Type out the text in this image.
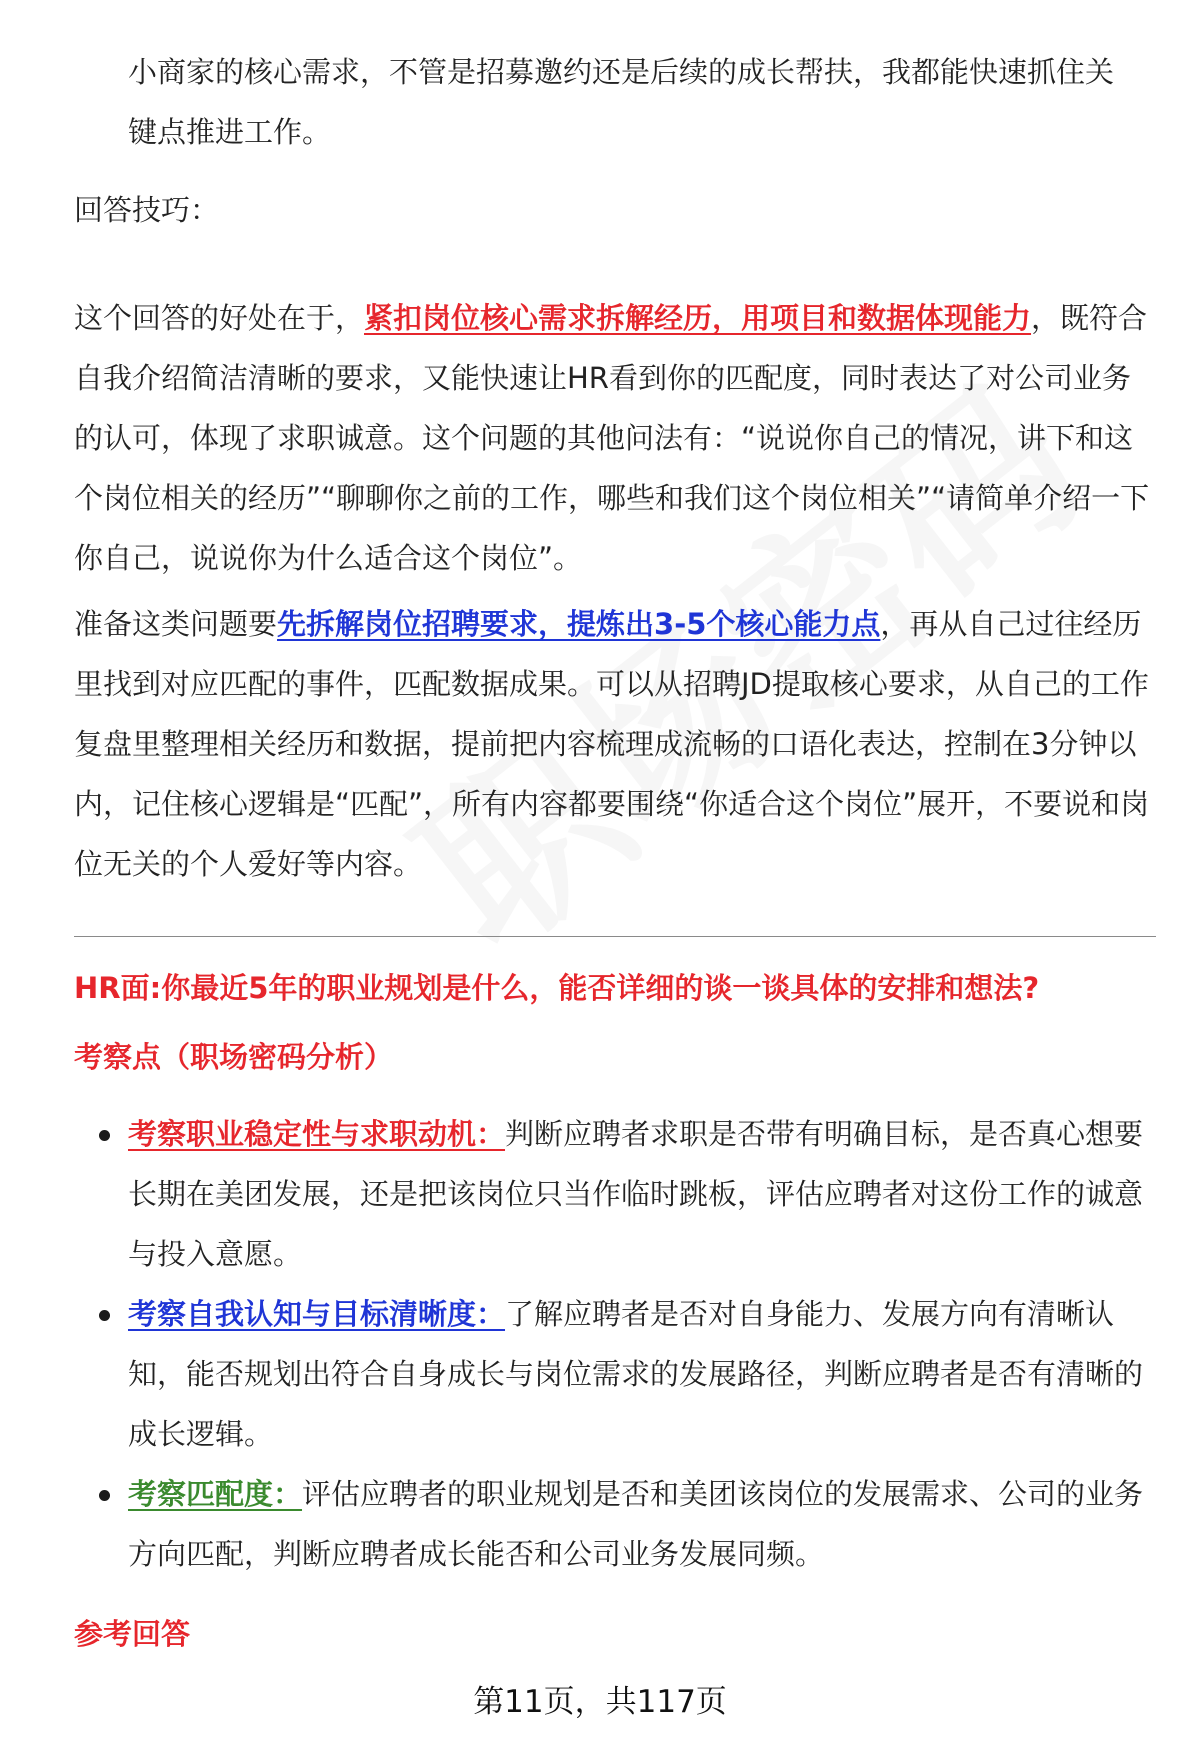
小商家的核心需求，不管是招募邀约还是后续的成长帮扶，我都能快速抓住关
键点推进工作。

回答技巧：

这个回答的好处在于，紧扣岗位核心需求拆解经历，用项目和数据体现能力，既符合自我介绍简洁清晰的要求，又能快速让HR看到你的匹配度，同时表达了对公司业务的认可，体现了求职诚意。这个问题的其他问法有：“说说你自己的情况，讲下和这个岗位相关的经历”“聊聊你之前的工作，哪些和我们这个岗位相关”“请简单介绍一下你自己，说说你为什么适合这个岗位”。

准备这类问题要先拆解岗位招聘要求，提炼出3-5个核心能力点，再从自己过往经历里找到对应匹配的事件，匹配数据成果。可以从招聘JD提取核心要求，从自己的工作复盘里整理相关经历和数据，提前把内容梳理成流畅的口语化表达，控制在3分钟以内，记住核心逻辑是“匹配”，所有内容都要围绕“你适合这个岗位”展开，不要说和岗位无关的个人爱好等内容。

HR面:你最近5年的职业规划是什么，能否详细的谈一谈具体的安排和想法?

考察点（职场密码分析）

考察职业稳定性与求职动机：判断应聘者求职是否带有明确目标，是否真心想要长期在美团发展，还是把该岗位只当作临时跳板，评估应聘者对这份工作的诚意与投入意愿。
考察自我认知与目标清晰度：了解应聘者是否对自身能力、发展方向有清晰认知，能否规划出符合自身成长与岗位需求的发展路径，判断应聘者是否有清晰的成长逻辑。
考察匹配度：评估应聘者的职业规划是否和美团该岗位的发展需求、公司的业务方向匹配，判断应聘者成长能否和公司业务发展同频。

参考回答

第11页，共117页
